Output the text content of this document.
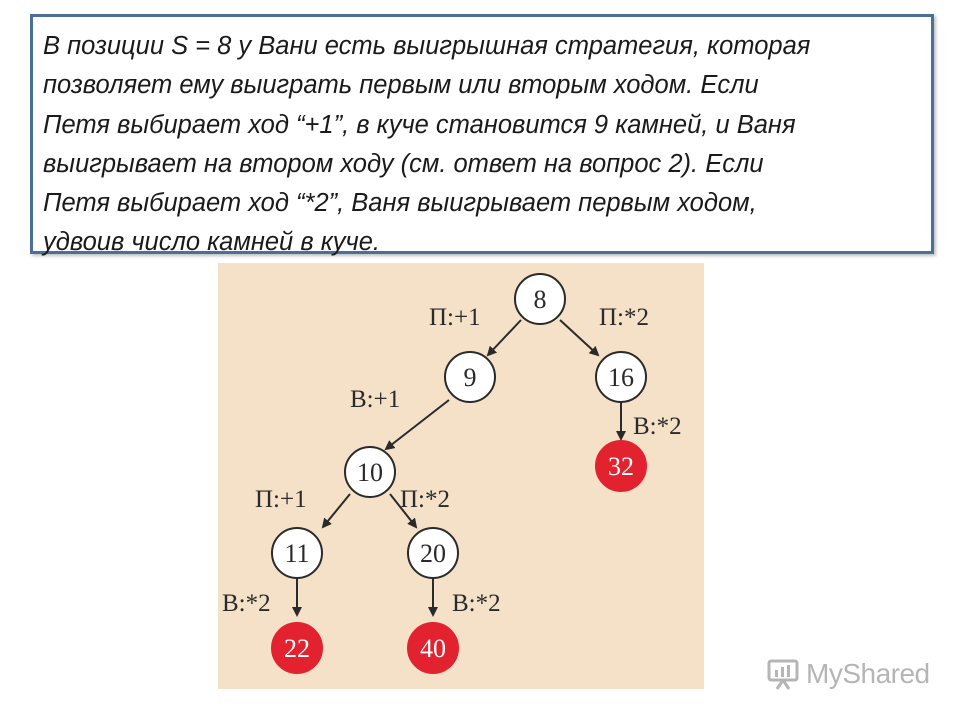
В позиции S = 8 у Вани есть выигрышная стратегия, которая

позволяет ему выиграть первым или вторым ходом. Если

Петя выбирает ход “+1”, в куче становится 9 камней, и Ваня

выигрывает на втором ходу (см. ответ на вопрос 2). Если

Петя выбирает ход “*2”, Ваня выигрывает первым ходом,

удвоив число камней в куче.

П:+1	П:*2
В:+1
В:*2
П:+1	П:*2
В:*2	В:*2
8
9	16
10	32
11	20
22	40
MyShared
